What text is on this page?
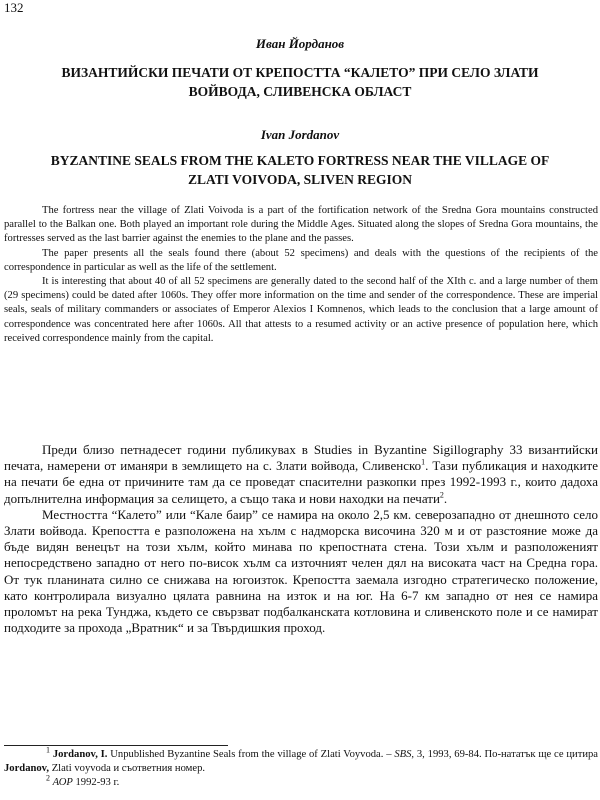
132
Иван Йорданов
ВИЗАНТИЙСКИ ПЕЧАТИ ОТ КРЕПОСТТА “КАЛЕТО” ПРИ СЕЛО ЗЛАТИ ВОЙВОДА, СЛИВЕНСКА ОБЛАСТ
Ivan Jordanov
BYZANTINE SEALS FROM THE KALETO FORTRESS NEAR THE VILLAGE OF ZLATI VOIVODA, SLIVEN REGION

The fortress near the village of Zlati Voivoda is a part of the fortification network of the Sredna Gora mountains constructed parallel to the Balkan one. Both played an important role during the Middle Ages. Situated along the slopes of Sredna Gora mountains, the fortresses served as the last barrier against the enemies to the plane and the passes.

The paper presents all the seals found there (about 52 specimens) and deals with the questions of the recipients of the correspondence in particular as well as the life of the settlement.

It is interesting that about 40 of all 52 specimens are generally dated to the second half of the XIth c. and a large number of them (29 specimens) could be dated after 1060s. They offer more information on the time and sender of the correspondence. These are imperial seals, seals of military commanders or associates of Emperor Alexios I Komnenos, which leads to the conclusion that a large amount of correspondence was concentrated here after 1060s. All that attests to a resumed activity or an active presence of population here, which received correspondence mainly from the capital.

Преди близо петнадесет години публикувах в Studies in Byzantine Sigillography 33 византийски печата, намерени от иманяри в землището на с. Злати войвода, Сливенско$^1$. Тази публикация и находките на печати бе една от причините там да се проведат спасителни разкопки през 1992-1993 г., които дадоха допълнителна информация за селището, а също така и нови находки на печати$^2$.

Местността “Калето” или “Кале баир” се намира на около 2,5 км. северозападно от днешното село Злати войвода. Крепостта е разположена на хълм с надморска височина 320 м и от разстояние може да бъде видян венецът на този хълм, който минава по крепостната стена. Този хълм и разположеният непосредствено западно от него по-висок хълм са източният челен дял на високата част на Средна гора. От тук планината силно се снижава на югоизток. Крепостта заемала изгодно стратегическо положение, като контролирала визуално цялата равнина на изток и на юг. На 6-7 км западно от нея се намира проломът на река Тунджа, където се свързват подбалканската котловина и сливенското поле и се намират подходите за прохода „Вратник“ и за Твърдишкия проход.

$^1$ Jordanov, I. Unpublished Byzantine Seals from the village of Zlati Voyvoda. – SBS, 3, 1993, 69-84. По-нататък ще се цитира Jordanov, Zlati voyvoda и съответния номер.

$^2$ АОР 1992-93 г.
